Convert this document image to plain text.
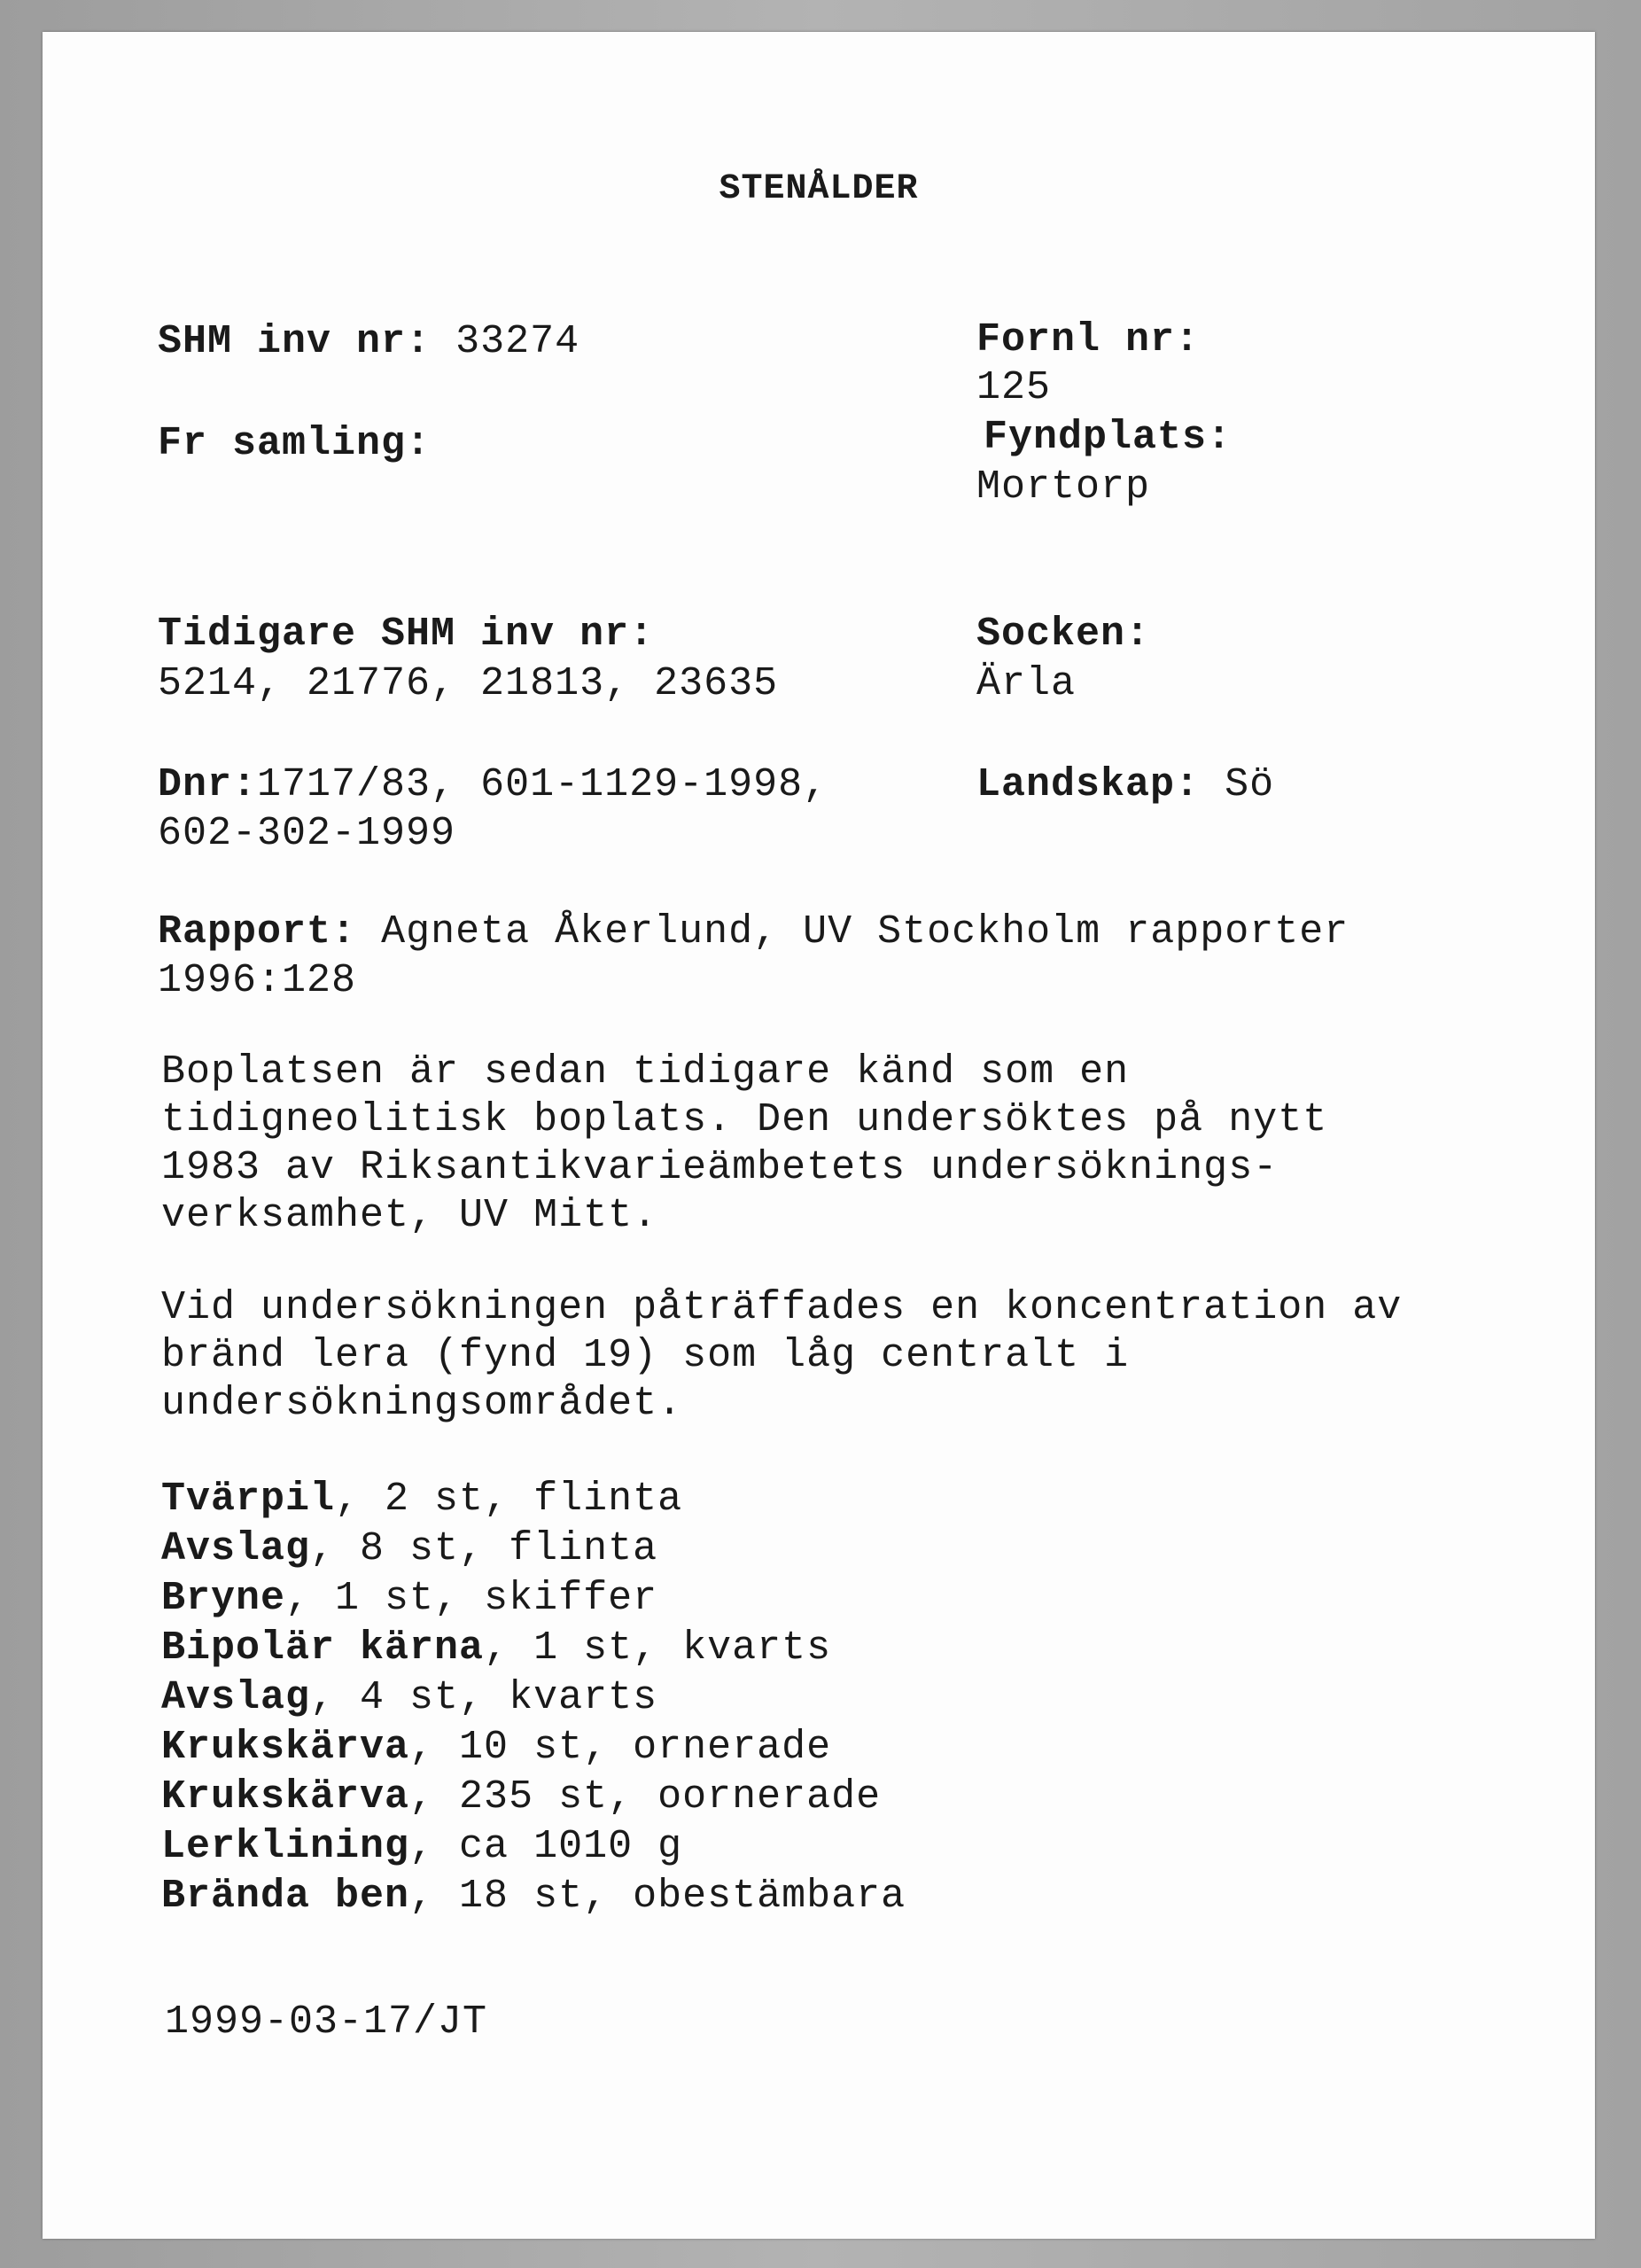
STENÅLDER
SHM inv nr: 33274
Fr samling:
Tidigare SHM inv nr:
5214, 21776, 21813, 23635
Dnr:1717/83, 601-1129-1998,
602-302-1999
Fornl nr:
125
Fyndplats:
Mortorp
Socken:
Ärla
Landskap: Sö
Rapport: Agneta Åkerlund, UV Stockholm rapporter
1996:128
Boplatsen är sedan tidigare känd som en
tidigneolitisk boplats. Den undersöktes på nytt
1983 av Riksantikvarieämbetets undersöknings-
verksamhet, UV Mitt.
Vid undersökningen påträffades en koncentration av
bränd lera (fynd 19) som låg centralt i
undersökningsområdet.
Tvärpil, 2 st, flinta
Avslag, 8 st, flinta
Bryne, 1 st, skiffer
Bipolär kärna, 1 st, kvarts
Avslag, 4 st, kvarts
Krukskärva, 10 st, ornerade
Krukskärva, 235 st, oornerade
Lerklining, ca 1010 g
Brända ben, 18 st, obestämbara
1999-03-17/JT
